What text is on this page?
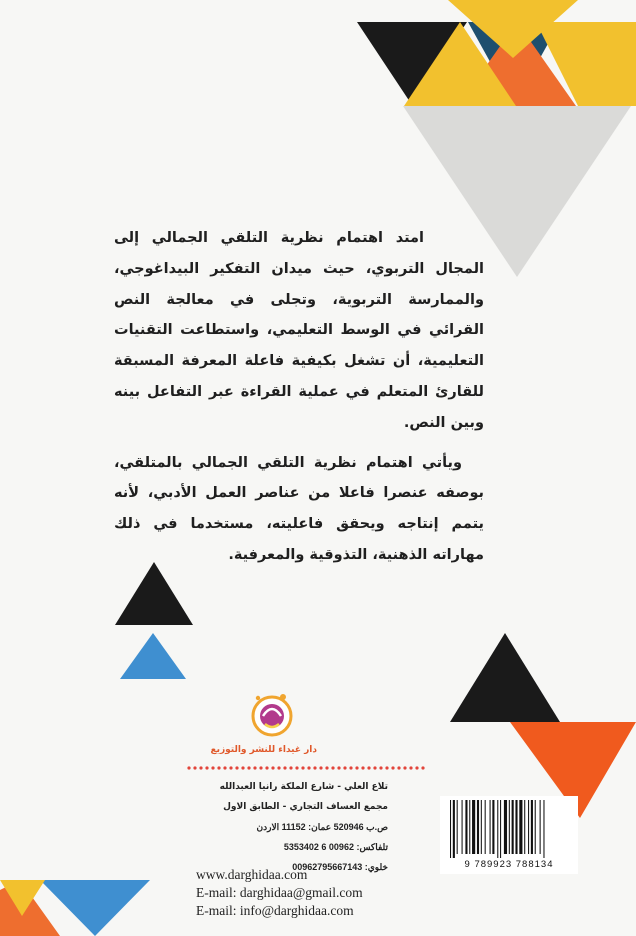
امتد اهتمام نظرية التلقي الجمالي إلى المجال التربوي، حيث ميدان التفكير البيداغوجي، والممارسة التربوية، وتجلى في معالجة النص القرائي في الوسط التعليمي، واستطاعت التقنيات التعليمية، أن تشغل بكيفية فاعلة المعرفة المسبقة للقارئ المتعلم في عملية القراءة عبر التفاعل بينه وبين النص.

ويأتي اهتمام نظرية التلقي الجمالي بالمتلقي، بوصفه عنصرا فاعلا من عناصر العمل الأدبي، لأنه يتمم إنتاجه ويحقق فاعليته، مستخدما في ذلك مهاراته الذهنية، التذوقية والمعرفية.

دار غيداء للنشر والتوزيع
تلاع العلي - شارع الملكة رانيا العبدالله
مجمع العساف التجاري - الطابق الاول
ص.ب 520946 عمان: 11152 الاردن
تلفاكس: 00962 6 5353402
خلوي: 00962795667143
www.darghidaa.com
E-mail: darghidaa@gmail.com
E-mail: info@darghidaa.com
9 789923 788134
